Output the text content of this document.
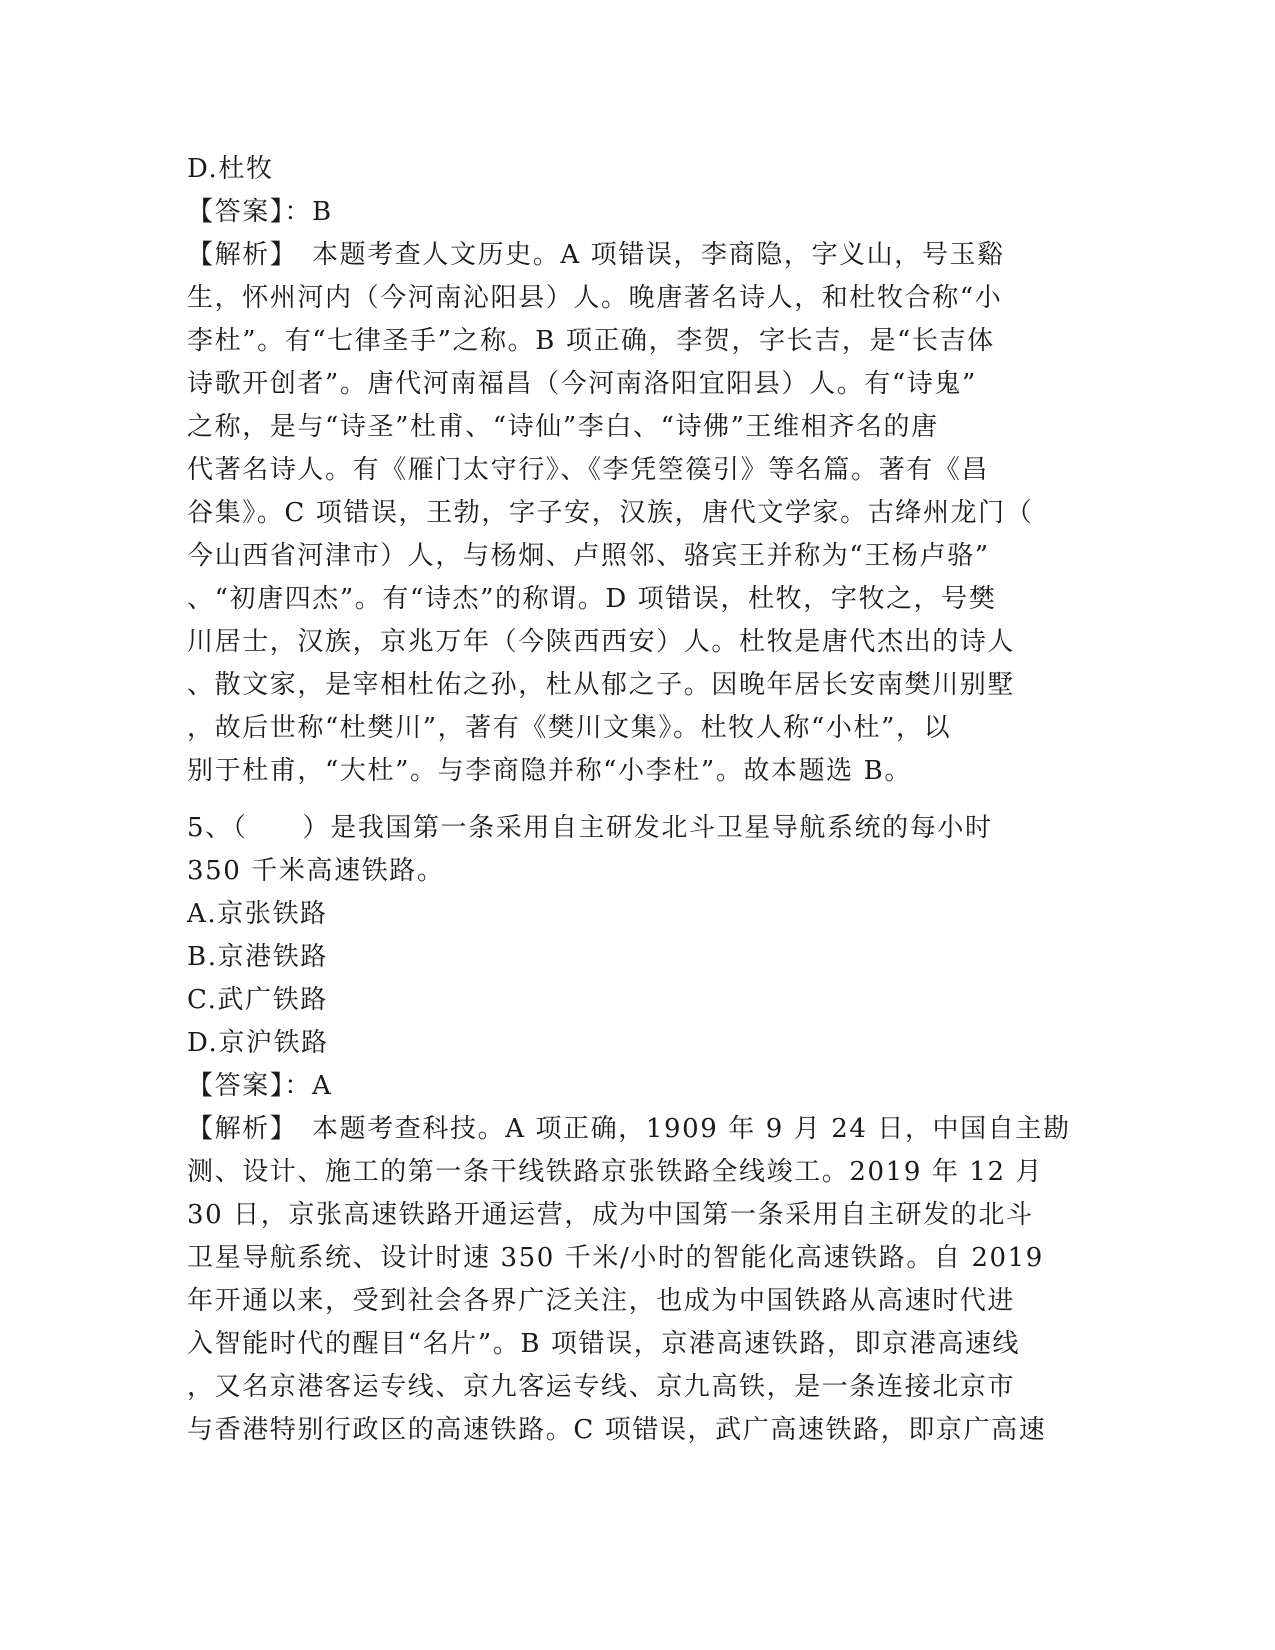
D.杜牧
【答案】：B
【解析】　本题考查人文历史。A 项错误，李商隐，字义山，号玉谿
生，怀州河内（今河南沁阳县）人。晚唐著名诗人，和杜牧合称“小
李杜”。有“七律圣手”之称。B 项正确，李贺，字长吉，是“长吉体
诗歌开创者”。唐代河南福昌（今河南洛阳宜阳县）人。有“诗鬼”
之称，是与“诗圣”杜甫、“诗仙”李白、“诗佛”王维相齐名的唐
代著名诗人。有《雁门太守行》、《李凭箜篌引》等名篇。著有《昌
谷集》。C 项错误，王勃，字子安，汉族，唐代文学家。古绛州龙门（
今山西省河津市）人，与杨炯、卢照邻、骆宾王并称为“王杨卢骆”
、“初唐四杰”。有“诗杰”的称谓。D 项错误，杜牧，字牧之，号樊
川居士，汉族，京兆万年（今陕西西安）人。杜牧是唐代杰出的诗人
、散文家，是宰相杜佑之孙，杜从郁之子。因晚年居长安南樊川别墅
，故后世称“杜樊川”，著有《樊川文集》。杜牧人称“小杜”，以
别于杜甫，“大杜”。与李商隐并称“小李杜”。故本题选 B。
5、（　　）是我国第一条采用自主研发北斗卫星导航系统的每小时
350 千米高速铁路。
A.京张铁路
B.京港铁路
C.武广铁路
D.京沪铁路
【答案】：A
【解析】　本题考查科技。A 项正确，1909 年 9 月 24 日，中国自主勘
测、设计、施工的第一条干线铁路京张铁路全线竣工。2019 年 12 月
30 日，京张高速铁路开通运营，成为中国第一条采用自主研发的北斗
卫星导航系统、设计时速 350 千米/小时的智能化高速铁路。自 2019
年开通以来，受到社会各界广泛关注，也成为中国铁路从高速时代进
入智能时代的醒目“名片”。B 项错误，京港高速铁路，即京港高速线
，又名京港客运专线、京九客运专线、京九高铁，是一条连接北京市
与香港特别行政区的高速铁路。C 项错误，武广高速铁路，即京广高速
